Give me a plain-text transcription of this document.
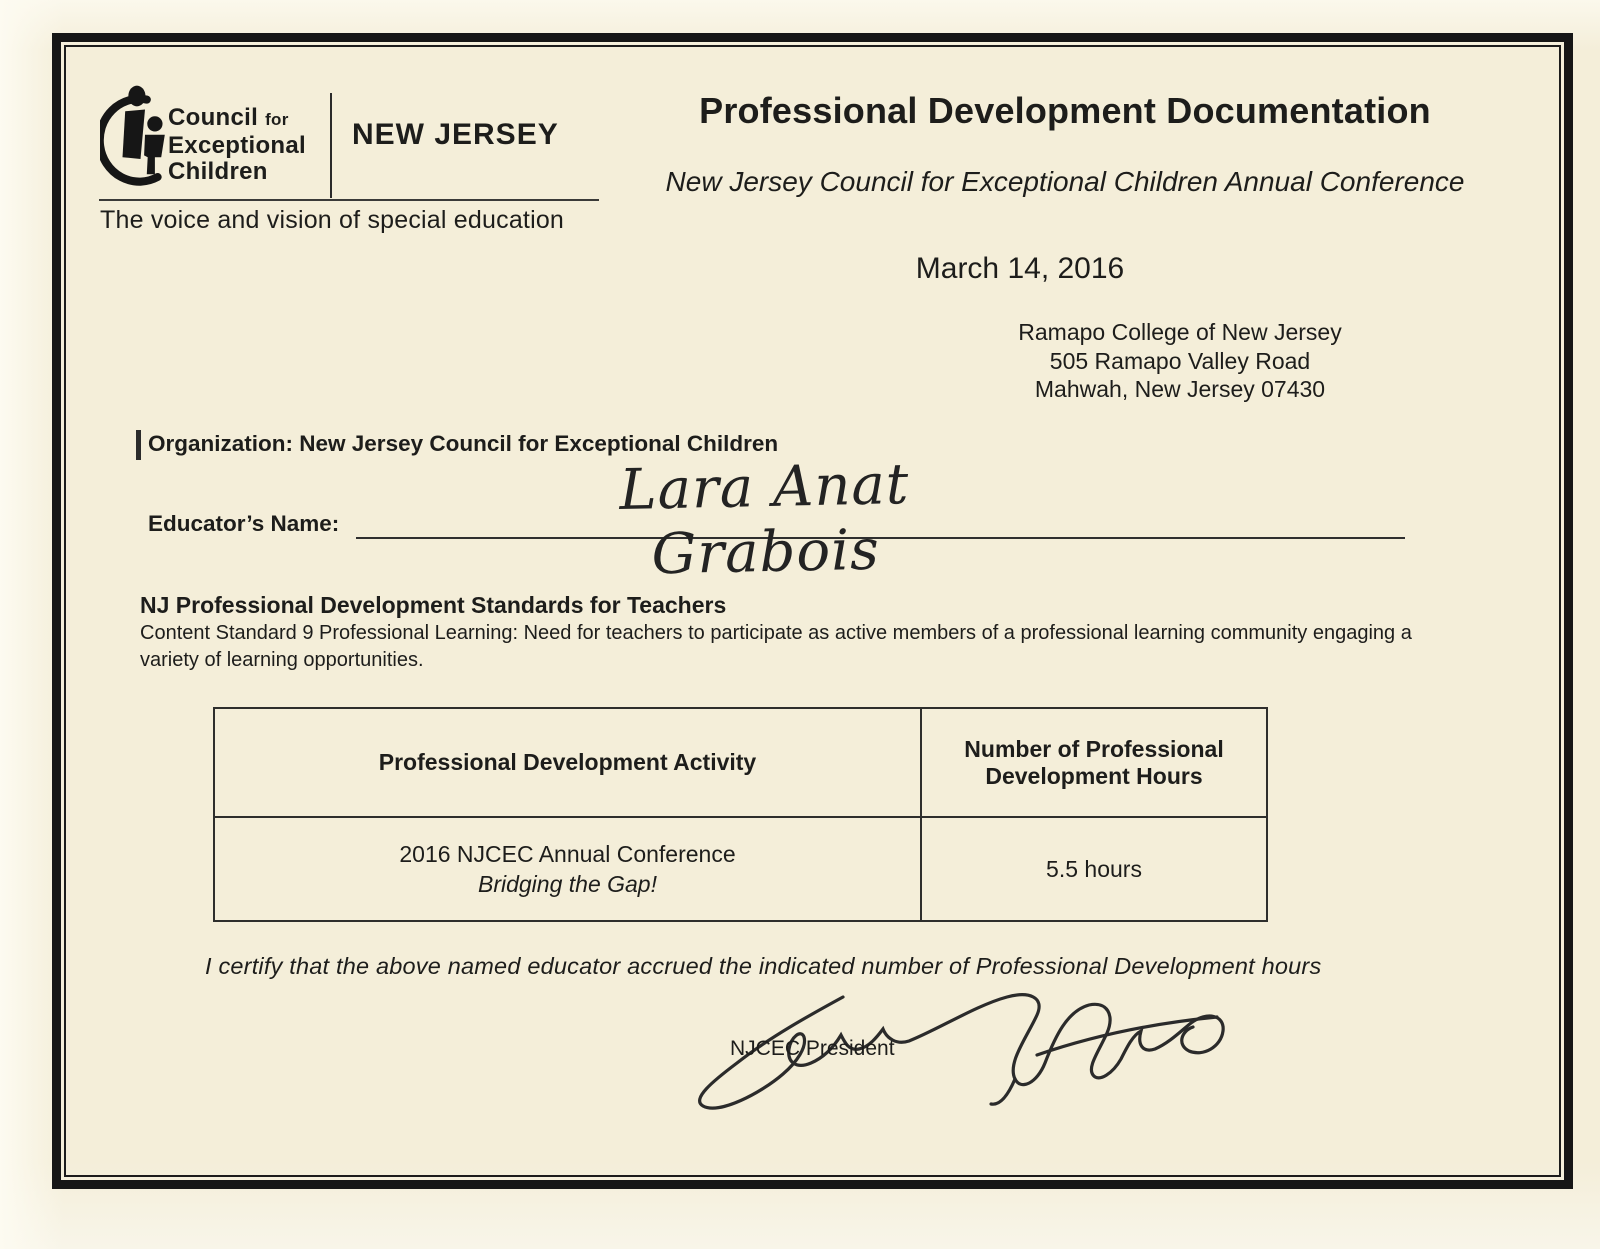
Council for
Exceptional
Children
NEW JERSEY
The voice and vision of special education
Professional Development Documentation
New Jersey Council for Exceptional Children Annual Conference
March 14, 2016
Ramapo College of New Jersey
505 Ramapo Valley Road
Mahwah, New Jersey 07430
Organization: New Jersey Council for Exceptional Children
Educator’s Name:
Lara Anat Grabois
NJ Professional Development Standards for Teachers
Content Standard 9 Professional Learning: Need for teachers to participate as active members of a professional learning community engaging a variety of learning opportunities.
Professional Development Activity
Number of Professional Development Hours
2016 NJCEC Annual Conference
Bridging the Gap!
5.5 hours
I certify that the above named educator accrued the indicated number of Professional Development hours
NJCEC President
